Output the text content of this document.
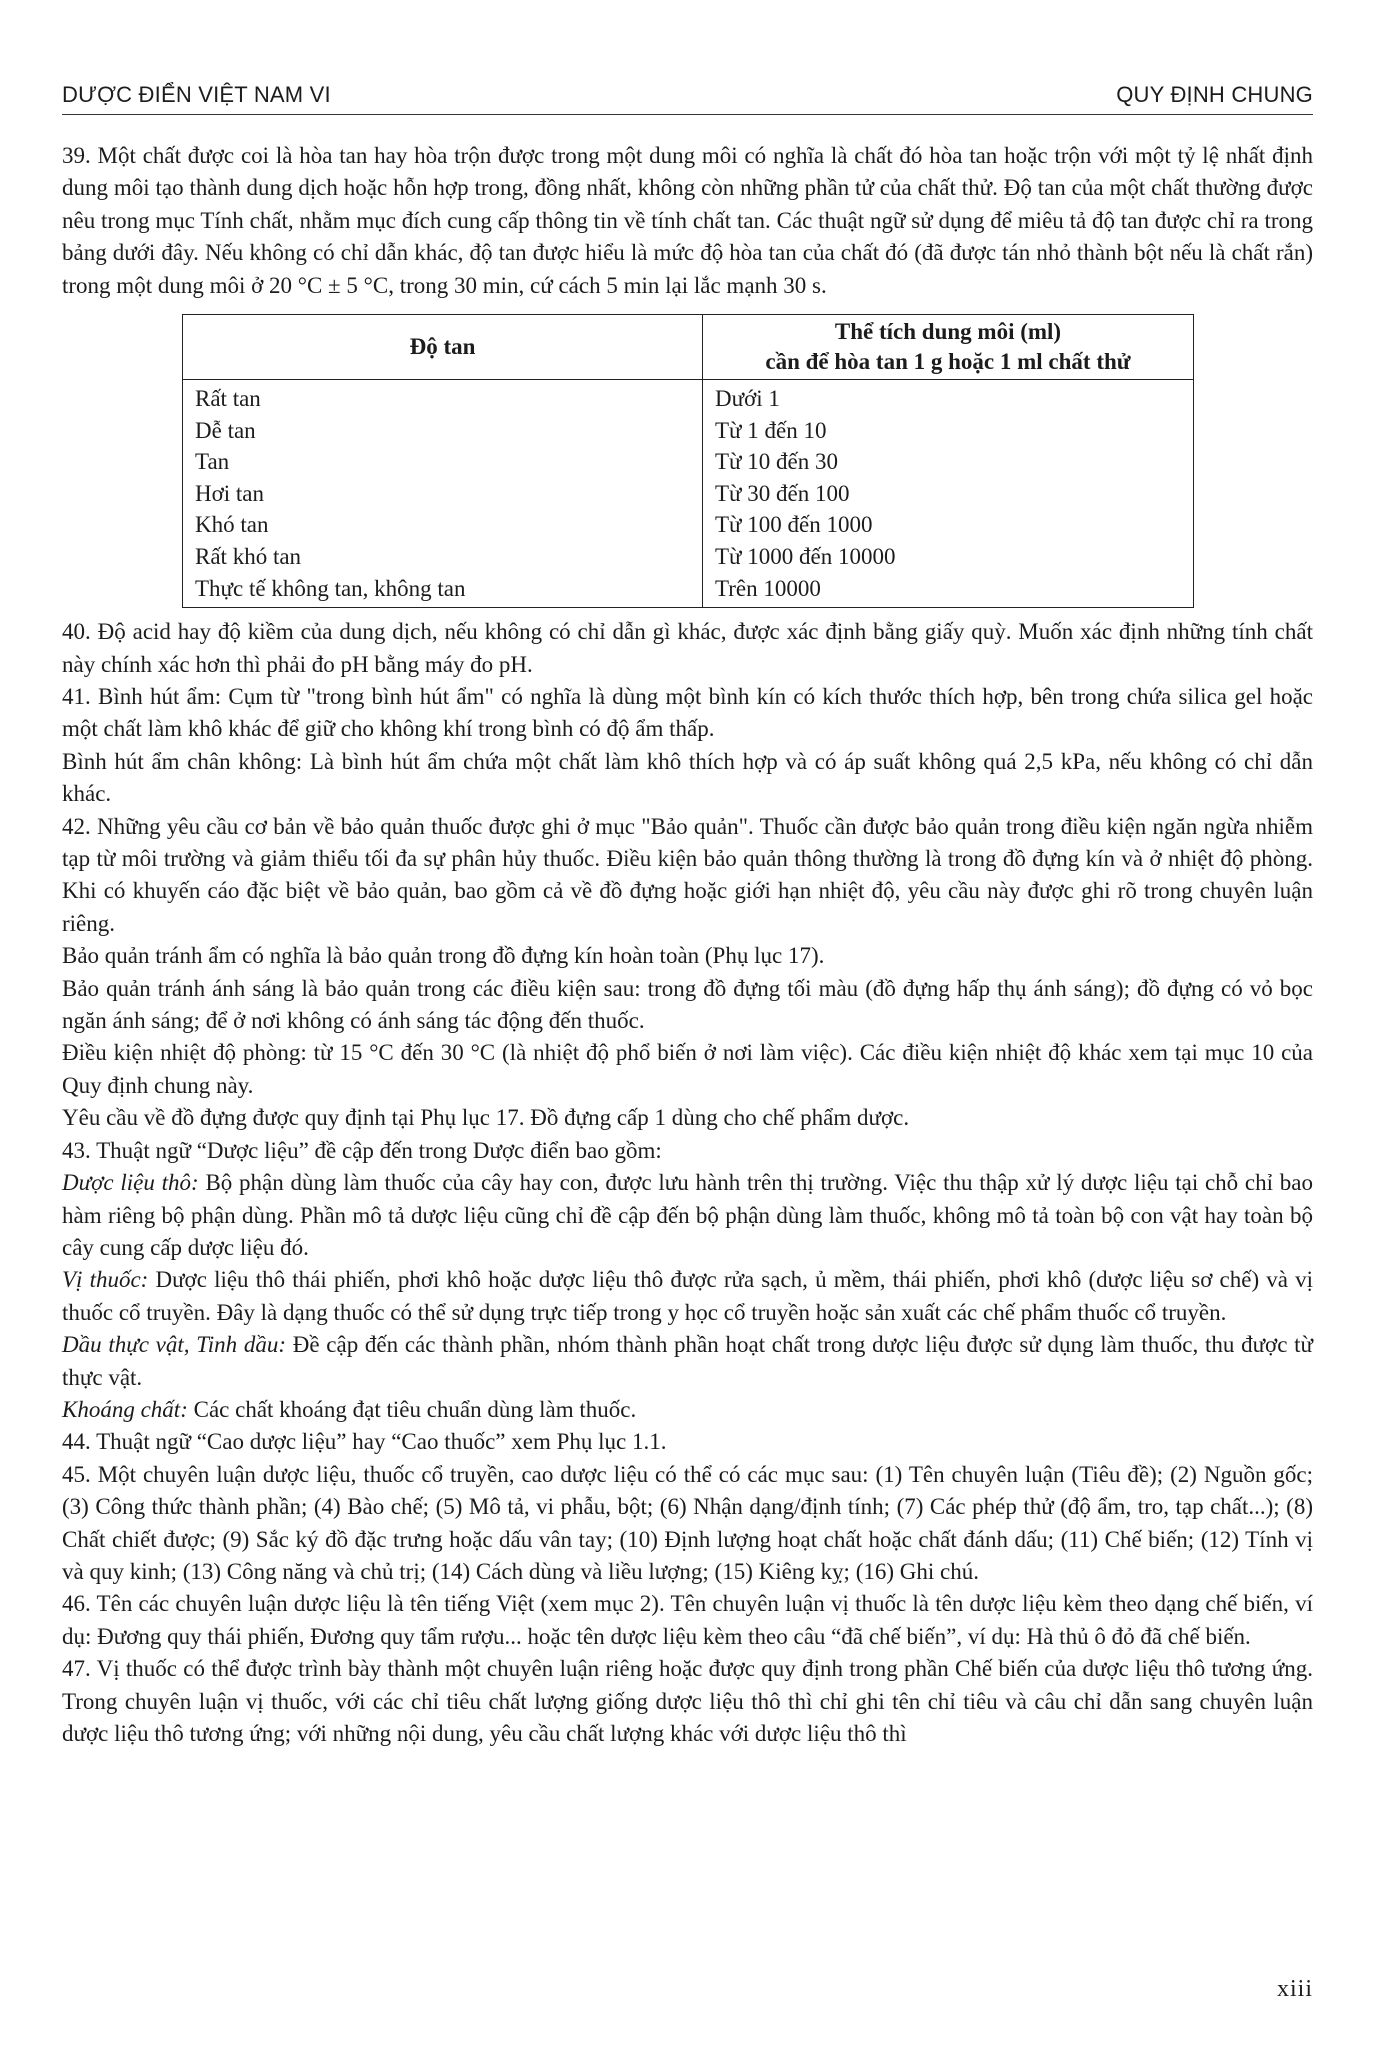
DƯỢC ĐIỂN VIỆT NAM VI	QUY ĐỊNH CHUNG

39. Một chất được coi là hòa tan hay hòa trộn được trong một dung môi có nghĩa là chất đó hòa tan hoặc trộn với một tỷ lệ nhất định dung môi tạo thành dung dịch hoặc hỗn hợp trong, đồng nhất, không còn những phần tử của chất thử. Độ tan của một chất thường được nêu trong mục Tính chất, nhằm mục đích cung cấp thông tin về tính chất tan. Các thuật ngữ sử dụng để miêu tả độ tan được chỉ ra trong bảng dưới đây. Nếu không có chỉ dẫn khác, độ tan được hiểu là mức độ hòa tan của chất đó (đã được tán nhỏ thành bột nếu là chất rắn) trong một dung môi ở 20 °C ± 5 °C, trong 30 min, cứ cách 5 min lại lắc mạnh 30 s.

Độ tan	Thể tích dung môi (ml)
cần để hòa tan 1 g hoặc 1 ml chất thử

Rất tan	Dưới 1
Dễ tan	Từ 1 đến 10
Tan	Từ 10 đến 30
Hơi tan	Từ 30 đến 100
Khó tan	Từ 100 đến 1000
Rất khó tan	Từ 1000 đến 10000
Thực tế không tan, không tan	Trên 10000

40. Độ acid hay độ kiềm của dung dịch, nếu không có chỉ dẫn gì khác, được xác định bằng giấy quỳ. Muốn xác định những tính chất này chính xác hơn thì phải đo pH bằng máy đo pH.

41. Bình hút ẩm: Cụm từ "trong bình hút ẩm" có nghĩa là dùng một bình kín có kích thước thích hợp, bên trong chứa silica gel hoặc một chất làm khô khác để giữ cho không khí trong bình có độ ẩm thấp.

Bình hút ẩm chân không: Là bình hút ẩm chứa một chất làm khô thích hợp và có áp suất không quá 2,5 kPa, nếu không có chỉ dẫn khác.

42. Những yêu cầu cơ bản về bảo quản thuốc được ghi ở mục "Bảo quản". Thuốc cần được bảo quản trong điều kiện ngăn ngừa nhiễm tạp từ môi trường và giảm thiểu tối đa sự phân hủy thuốc. Điều kiện bảo quản thông thường là trong đồ đựng kín và ở nhiệt độ phòng. Khi có khuyến cáo đặc biệt về bảo quản, bao gồm cả về đồ đựng hoặc giới hạn nhiệt độ, yêu cầu này được ghi rõ trong chuyên luận riêng.

Bảo quản tránh ẩm có nghĩa là bảo quản trong đồ đựng kín hoàn toàn (Phụ lục 17).

Bảo quản tránh ánh sáng là bảo quản trong các điều kiện sau: trong đồ đựng tối màu (đồ đựng hấp thụ ánh sáng); đồ đựng có vỏ bọc ngăn ánh sáng; để ở nơi không có ánh sáng tác động đến thuốc.

Điều kiện nhiệt độ phòng: từ 15 °C đến 30 °C (là nhiệt độ phổ biến ở nơi làm việc). Các điều kiện nhiệt độ khác xem tại mục 10 của Quy định chung này.

Yêu cầu về đồ đựng được quy định tại Phụ lục 17. Đồ đựng cấp 1 dùng cho chế phẩm dược.

43. Thuật ngữ “Dược liệu” đề cập đến trong Dược điển bao gồm:

Dược liệu thô: Bộ phận dùng làm thuốc của cây hay con, được lưu hành trên thị trường. Việc thu thập xử lý dược liệu tại chỗ chỉ bao hàm riêng bộ phận dùng. Phần mô tả dược liệu cũng chỉ đề cập đến bộ phận dùng làm thuốc, không mô tả toàn bộ con vật hay toàn bộ cây cung cấp dược liệu đó.

Vị thuốc: Dược liệu thô thái phiến, phơi khô hoặc dược liệu thô được rửa sạch, ủ mềm, thái phiến, phơi khô (dược liệu sơ chế) và vị thuốc cổ truyền. Đây là dạng thuốc có thể sử dụng trực tiếp trong y học cổ truyền hoặc sản xuất các chế phẩm thuốc cổ truyền.

Dầu thực vật, Tinh dầu: Đề cập đến các thành phần, nhóm thành phần hoạt chất trong dược liệu được sử dụng làm thuốc, thu được từ thực vật.

Khoáng chất: Các chất khoáng đạt tiêu chuẩn dùng làm thuốc.

44. Thuật ngữ “Cao dược liệu” hay “Cao thuốc” xem Phụ lục 1.1.

45. Một chuyên luận dược liệu, thuốc cổ truyền, cao dược liệu có thể có các mục sau: (1) Tên chuyên luận (Tiêu đề); (2) Nguồn gốc; (3) Công thức thành phần; (4) Bào chế; (5) Mô tả, vi phẫu, bột; (6) Nhận dạng/định tính; (7) Các phép thử (độ ẩm, tro, tạp chất...); (8) Chất chiết được; (9) Sắc ký đồ đặc trưng hoặc dấu vân tay; (10) Định lượng hoạt chất hoặc chất đánh dấu; (11) Chế biến; (12) Tính vị và quy kinh; (13) Công năng và chủ trị; (14) Cách dùng và liều lượng; (15) Kiêng kỵ; (16) Ghi chú.

46. Tên các chuyên luận dược liệu là tên tiếng Việt (xem mục 2). Tên chuyên luận vị thuốc là tên dược liệu kèm theo dạng chế biến, ví dụ: Đương quy thái phiến, Đương quy tẩm rượu... hoặc tên dược liệu kèm theo câu “đã chế biến”, ví dụ: Hà thủ ô đỏ đã chế biến.

47. Vị thuốc có thể được trình bày thành một chuyên luận riêng hoặc được quy định trong phần Chế biến của dược liệu thô tương ứng. Trong chuyên luận vị thuốc, với các chỉ tiêu chất lượng giống dược liệu thô thì chỉ ghi tên chỉ tiêu và câu chỉ dẫn sang chuyên luận dược liệu thô tương ứng; với những nội dung, yêu cầu chất lượng khác với dược liệu thô thì

xiii
